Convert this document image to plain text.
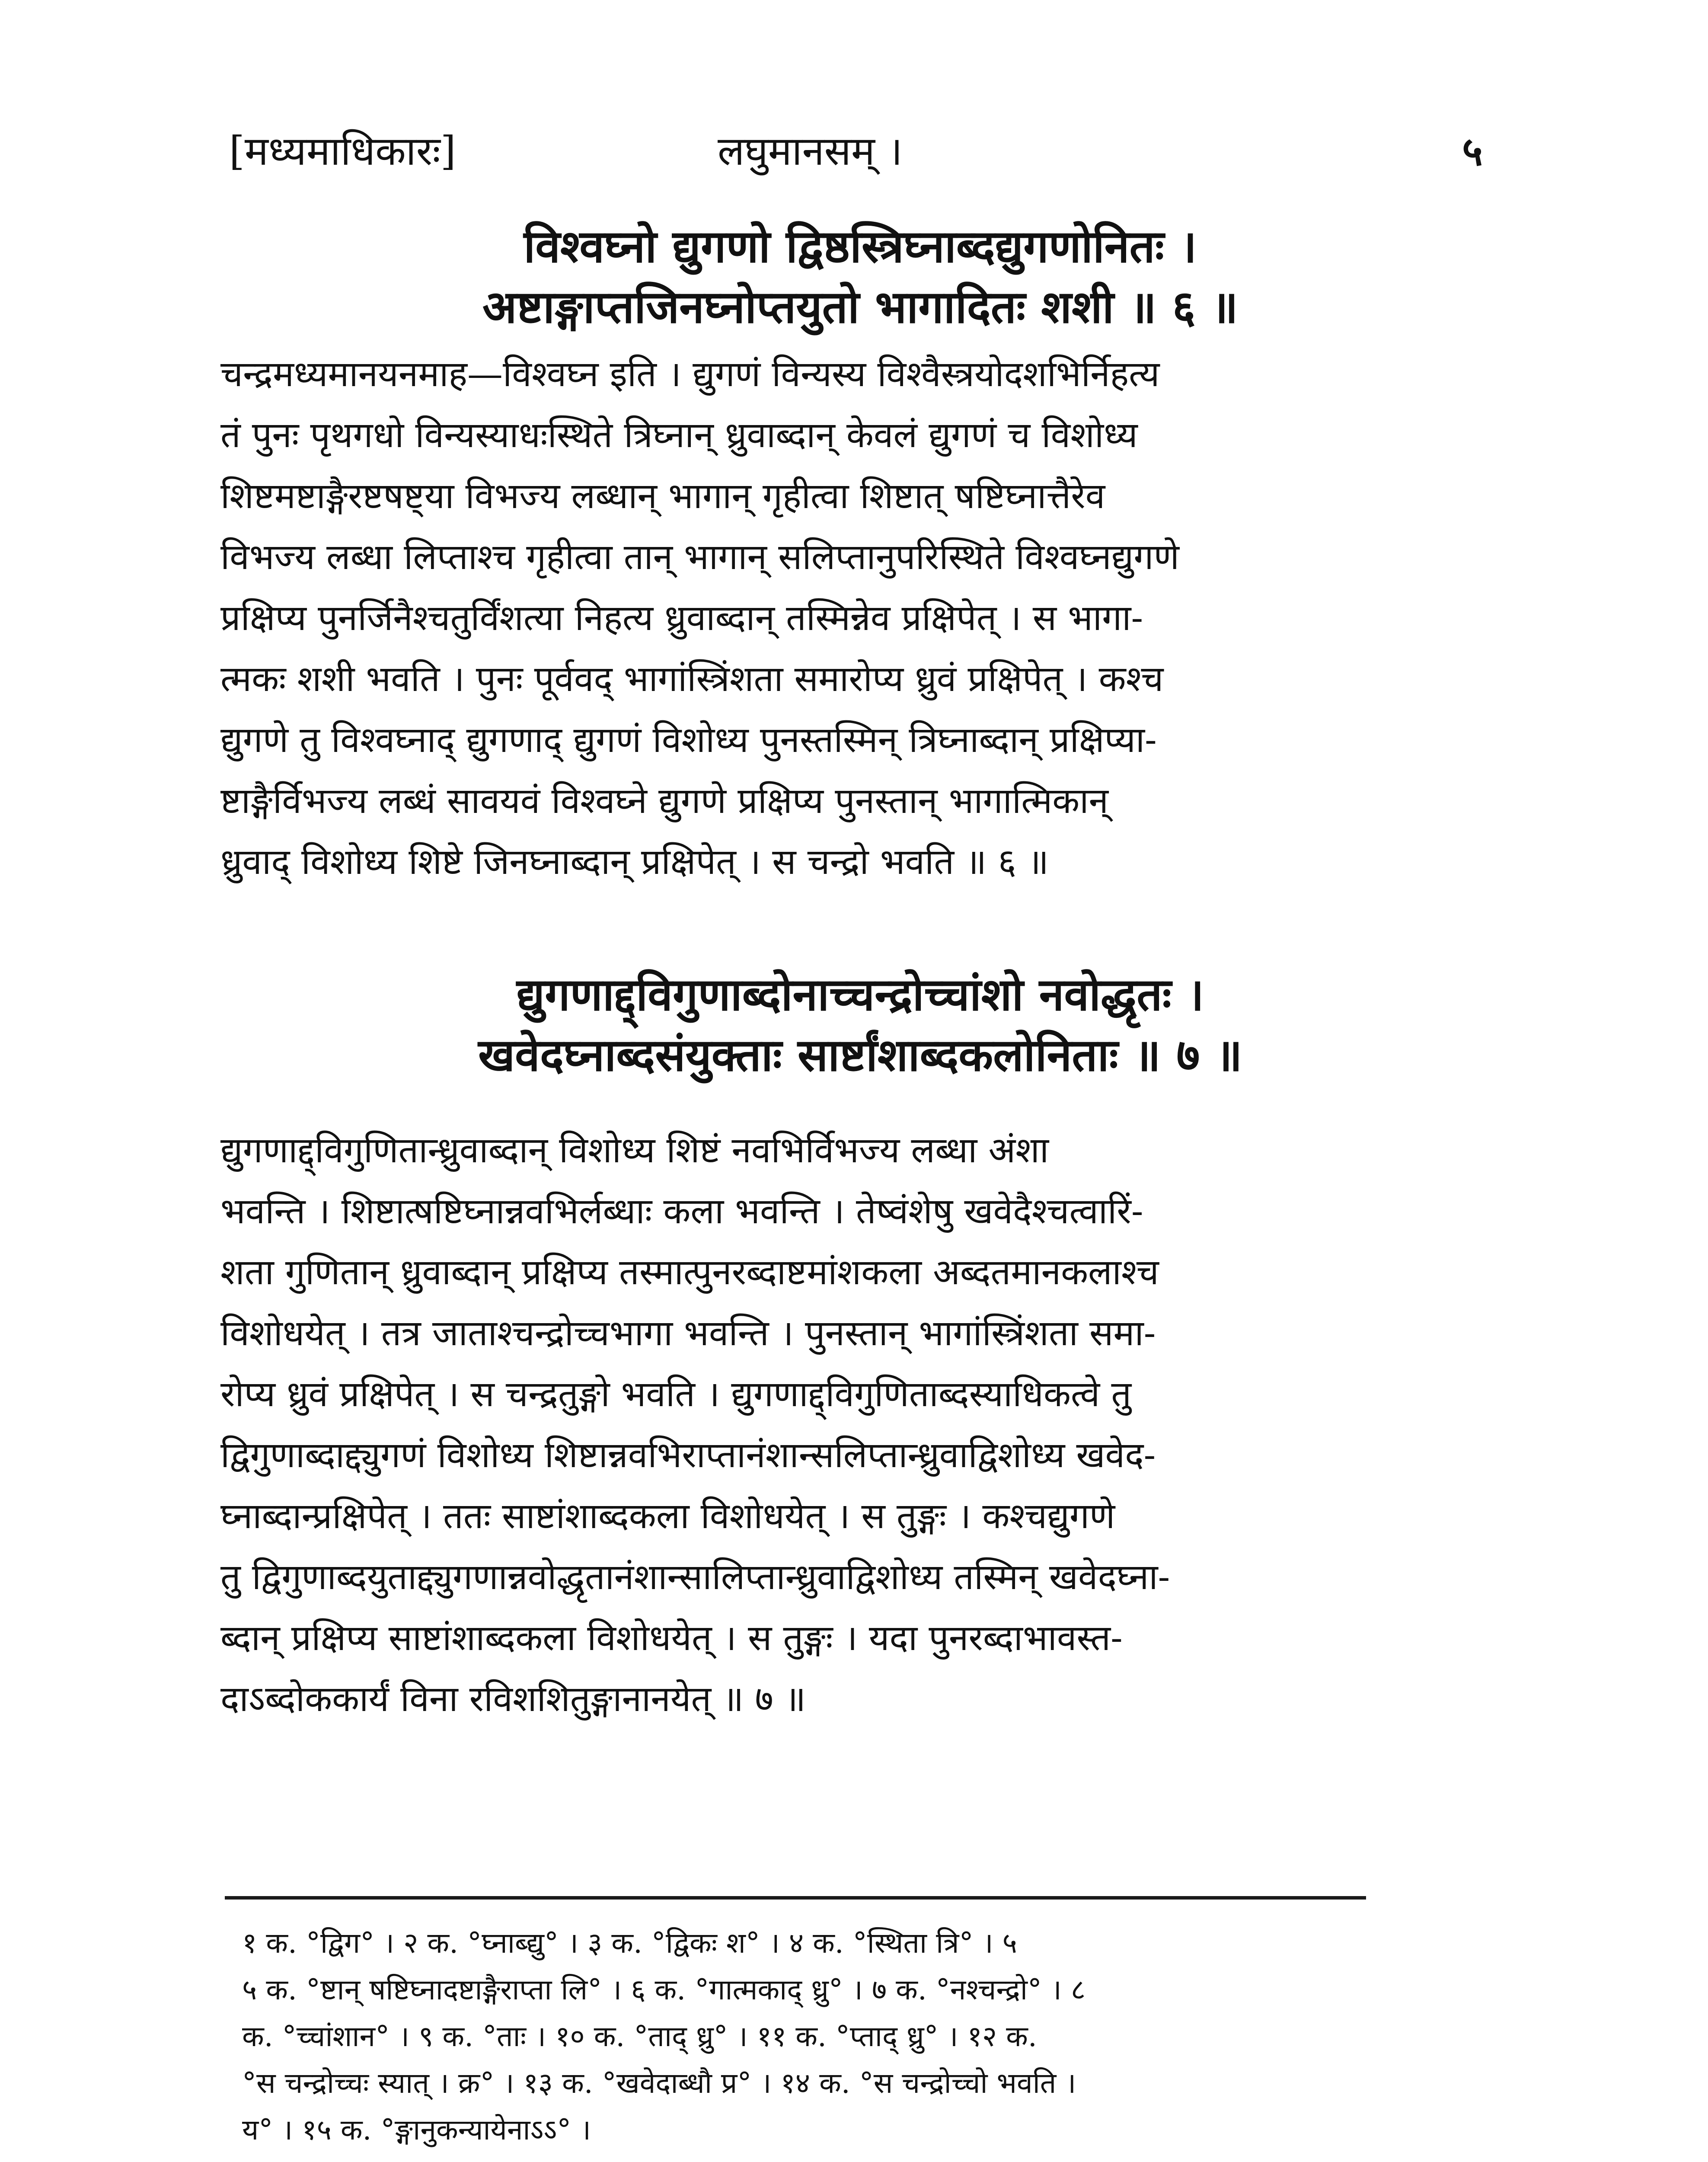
[मध्यमाधिकारः]	लघुमानसम् ।	५
विश्वघ्नो द्युगणो द्विष्ठस्त्रिघ्नाब्दद्युगणोनितः ।
अष्टाङ्गाप्तजिनघ्नोप्तयुतो भागादितः शशी ॥ ६ ॥
चन्द्रमध्यमानयनमाह—विश्वघ्न इति । द्युगणं विन्यस्य विश्वैस्त्रयोदशभिर्निहत्य
तं पुनः पृथगधो विन्यस्याधःस्थिते त्रिघ्नान् ध्रुवाब्दान् केवलं द्युगणं च विशोध्य
शिष्टमष्टाङ्गैरष्टषष्ट्या विभज्य लब्धान् भागान् गृहीत्वा शिष्टात् षष्टिघ्नात्तैरेव
विभज्य लब्धा लिप्ताश्च गृहीत्वा तान् भागान् सलिप्तानुपरिस्थिते विश्वघ्नद्युगणे
प्रक्षिप्य पुनर्जिनैश्चतुर्विंशत्या निहत्य ध्रुवाब्दान् तस्मिन्नेव प्रक्षिपेत् । स भागा-
त्मकः शशी भवति । पुनः पूर्ववद् भागांस्त्रिंशता समारोप्य ध्रुवं प्रक्षिपेत् । कश्च
द्युगणे तु विश्वघ्नाद् द्युगणाद् द्युगणं विशोध्य पुनस्तस्मिन् त्रिघ्नाब्दान् प्रक्षिप्या-
ष्टाङ्गैर्विभज्य लब्धं सावयवं विश्वघ्ने द्युगणे प्रक्षिप्य पुनस्तान् भागात्मिकान्
ध्रुवाद् विशोध्य शिष्टे जिनघ्नाब्दान् प्रक्षिपेत् । स चन्द्रो भवति ॥ ६ ॥
द्युगणाद्द्विगुणाब्दोनाच्चन्द्रोच्चांशो नवोद्धृतः ।
खवेदघ्नाब्दसंयुक्ताः सार्ष्टांशाब्दकलोनिताः ॥ ७ ॥
द्युगणाद्द्विगुणितान्ध्रुवाब्दान् विशोध्य शिष्टं नवभिर्विभज्य लब्धा अंशा
भवन्ति । शिष्टात्षष्टिघ्नान्नवभिर्लब्धाः कला भवन्ति । तेष्वंशेषु खवेदैश्चत्वारिं-
शता गुणितान् ध्रुवाब्दान् प्रक्षिप्य तस्मात्पुनरब्दाष्टमांशकला अब्दतमानकलाश्च
विशोधयेत् । तत्र जाताश्चन्द्रोच्चभागा भवन्ति । पुनस्तान् भागांस्त्रिंशता समा-
रोप्य ध्रुवं प्रक्षिपेत् । स चन्द्रतुङ्गो भवति । द्युगणाद्द्विगुणिताब्दस्याधिकत्वे तु
द्विगुणाब्दाद्द्युगणं विशोध्य शिष्टान्नवभिराप्तानंशान्सलिप्तान्ध्रुवाद्विशोध्य खवेद-
घ्नाब्दान्प्रक्षिपेत् । ततः साष्टांशाब्दकला विशोधयेत् । स तुङ्गः । कश्चद्युगणे
तु द्विगुणाब्दयुताद्द्युगणान्नवोद्धृतानंशान्सालिप्तान्ध्रुवाद्विशोध्य तस्मिन् खवेदघ्ना-
ब्दान् प्रक्षिप्य साष्टांशाब्दकला विशोधयेत् । स तुङ्गः । यदा पुनरब्दाभावस्त-
दाऽब्दोककार्यं विना रविशशितुङ्गानानयेत् ॥ ७ ॥
१ क. °द्विग° । २ क. °घ्नाब्द्यु° । ३ क. °द्विकः श° । ४ क. °स्थिता त्रि° । ५
५ क. °ष्टान् षष्टिघ्नादष्टाङ्गैराप्ता लि° । ६ क. °गात्मकाद् ध्रु° । ७ क. °नश्चन्द्रो° । ८
क. °च्चांशान° । ९ क. °ताः । १० क. °ताद् ध्रु° । ११ क. °प्ताद् ध्रु° । १२ क.
°स चन्द्रोच्चः स्यात् । क्र° । १३ क. °खवेदाब्धौ प्र° । १४ क. °स चन्द्रोच्चो भवति ।
य° । १५ क. °ङ्गानुकन्यायेनाऽऽ° ।
